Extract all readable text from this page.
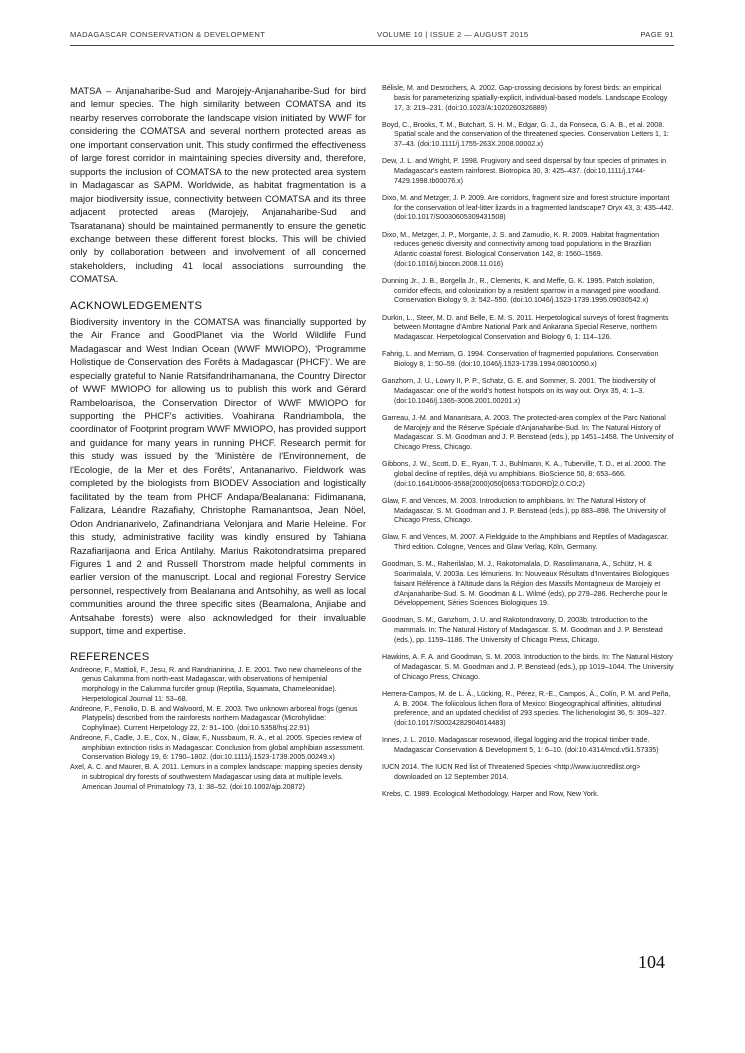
MADAGASCAR CONSERVATION & DEVELOPMENT	VOLUME 10 | ISSUE 2 — AUGUST 2015	PAGE 91

MATSA – Anjanaharibe-Sud and Marojejy-Anjanaharibe-Sud for bird and lemur species. The high similarity between COMATSA and its nearby reserves corroborate the landscape vision initiated by WWF for considering the COMATSA and several northern protected areas as one important conservation unit. This study confirmed the effectiveness of large forest corridor in maintaining species diversity and, therefore, supports the inclusion of COMATSA to the new protected area system in Madagascar as SAPM. Worldwide, as habitat fragmentation is a major biodiversity issue, connectivity between COMATSA and its three adjacent protected areas (Marojejy, Anjanaharibe-Sud and Tsaratanana) should be maintained permanently to ensure the genetic exchange between these different forest blocks. This will be chivied only by collaboration between and involvement of all concerned stakeholders, including 41 local associations surrounding the COMATSA.

ACKNOWLEDGEMENTS

Biodiversity inventory in the COMATSA was financially supported by the Air France and GoodPlanet via the World Wildlife Fund Madagascar and West Indian Ocean (WWF MWIOPO), 'Programme Holistique de Conservation des Forêts à Madagascar (PHCF)'. We are especially grateful to Nanie Ratsifandrihamanana, the Country Director of WWF MWIOPO for allowing us to publish this work and Gérard Rambeloarisoa, the Conservation Director of WWF MWIOPO for supporting the PHCF's activities. Voahirana Randriambola, the coordinator of Footprint program WWF MWIOPO, has provided support and guidance for many years in running PHCF. Research permit for this study was issued by the 'Ministère de l'Environnement, de l'Ecologie, de la Mer et des Forêts', Antananarivo. Fieldwork was completed by the biologists from BIODEV Association and logistically facilitated by the team from PHCF Andapa/Bealanana: Fidimanana, Falizara, Léandre Razafiahy, Christophe Ramanantsoa, Jean Nöel, Odon Andrianarivelo, Zafinandriana Velonjara and Marie Heleine. For this study, administrative facility was kindly ensured by Tahiana Razafiarijaona and Erica Antilahy. Marius Rakotondratsima prepared Figures 1 and 2 and Russell Thorstrom made helpful comments in earlier version of the manuscript. Local and regional Forestry Service personnel, respectively from Bealanana and Antsohihy, as well as local communities around the three specific sites (Beamalona, Anjiabe and Antsahabe forests) were also acknowledged for their invaluable support, time and expertise.

REFERENCES

Andreone, F., Mattioli, F., Jesu, R. and Randrianirina, J. E. 2001. Two new chameleons of the genus Calumma from north-east Madagascar, with observations of hemipenial morphology in the Calumma furcifer group (Reptilia, Squamata, Chameleonidae). Herpetological Journal 11: 53–68.

Andreone, F., Fenolio, D. B. and Walvoord, M. E. 2003. Two unknown arboreal frogs (genus Platypelis) described from the rainforests northern Madagascar (Microhylidae: Cophylinae). Current Herpetology 22, 2: 91–100. (doi:10.5358/hsj.22.91)

Andreone, F., Cadle, J. E., Cox, N., Glaw, F., Nussbaum, R. A., et al. 2005. Species review of amphibian extinction risks in Madagascar: Conclusion from global amphibian assessment. Conservation Biology 19, 6: 1790–1802. (doi:10.1111/j.1523-1739.2005.00249.x)

Axel, A. C. and Maurer, B. A. 2011. Lemurs in a complex landscape: mapping species density in subtropical dry forests of southwestern Madagascar using data at multiple levels. American Journal of Primatology 73, 1: 38–52. (doi:10.1002/ajp.20872)

Bélisle, M. and Desrochers, A. 2002. Gap-crossing decisions by forest birds: an empirical basis for parameterizing spatially-explicit, individual-based models. Landscape Ecology 17, 3: 219–231. (doi:10.1023/A:1020260326889)

Boyd, C., Brooks, T. M., Butchart, S. H. M., Edgar, G. J., da Fonseca, G. A. B., et al. 2008. Spatial scale and the conservation of the threatened species. Conservation Letters 1, 1: 37–43. (doi:10.1111/j.1755-263X.2008.00002.x)

Dew, J. L. and Wright, P. 1998. Frugivory and seed dispersal by four species of primates in Madagascar's eastern rainforest. Biotropica 30, 3: 425–437. (doi:10.1111/j.1744-7429.1998.tb00076.x)

Dixo, M. and Metzger, J. P. 2009. Are corridors, fragment size and forest structure important for the conservation of leaf-litter lizards in a fragmented landscape? Oryx 43, 3: 435–442. (doi:10.1017/S0030605309431508)

Dixo, M., Metzger, J. P., Morgante, J. S. and Zamudio, K. R. 2009. Habitat fragmentation reduces genetic diversity and connectivity among toad populations in the Brazilian Atlantic coastal forest. Biological Conservation 142, 8: 1560–1569. (doi:10.1016/j.biocon.2008.11.016)

Dunning Jr., J. B., Borgella Jr., R., Clements, K. and Meffe, G. K. 1995. Patch isolation, corridor effects, and colonization by a resident sparrow in a managed pine woodland. Conservation Biology 9, 3: 542–550. (doi:10.1046/j.1523-1739.1995.09030542.x)

Durkin, L., Steer, M. D. and Belle, E. M. S. 2011. Herpetological surveys of forest fragments between Montagne d'Ambre National Park and Ankarana Special Reserve, northern Madagascar. Herpetological Conservation and Biology 6, 1: 114–126.

Fahrig, L. and Merriam, G. 1994. Conservation of fragmented populations. Conservation Biology 8, 1: 50–59. (doi:10.1046/j.1523-1739.1994.08010050.x)

Ganzhorn, J. U., Lowry II, P. P., Schatz, G. E. and Sommer, S. 2001. The biodiversity of Madagascar: one of the world's hottest hotspots on its way out. Oryx 35, 4: 1–3. (doi:10.1046/j.1365-3008.2001.00201.x)

Garreau, J.-M. and Manantsara, A. 2003. The protected-area complex of the Parc National de Marojejy and the Réserve Spéciale d'Anjanaharibe-Sud. In: The Natural History of Madagascar. S. M. Goodman and J. P. Benstead (eds.), pp 1451–1458. The University of Chicago Press, Chicago.

Gibbons, J. W., Scott, D. E., Ryan, T. J., Buhlmann, K. A., Tuberville, T. D., et al. 2000. The global decline of reptiles, déjà vu amphibians. BioScience 50, 8: 653–666. (doi:10.1641/0006-3568(2000)050[0653:TGDORD]2.0.CO;2)

Glaw, F. and Vences, M. 2003. Introduction to amphibians. In: The Natural History of Madagascar. S. M. Goodman and J. P. Benstead (eds.), pp 883–898. The University of Chicago Press, Chicago.

Glaw, F. and Vences, M. 2007. A Fieldguide to the Amphibians and Reptiles of Madagascar. Third edition. Cologne, Vences and Glaw Verlag, Köln, Germany.

Goodman, S. M., Raherilalao, M. J., Rakotomalala, D. Rasolimanana, A., Schütz, H. & Soarimalala, V. 2003a. Les lémuriens. In: Nouveaux Résultats d'Inventaires Biologiques faisant Référence à l'Altitude dans la Région des Massifs Montagneux de Marojejy et d'Anjanaharibe-Sud. S. M. Goodman & L. Wilmé (eds), pp 279–286. Recherche pour le Développement, Séries Sciences Biologiques 19.

Goodman, S. M., Ganzhorn, J. U. and Rakotondravony, D. 2003b. Introduction to the mammals. In: The Natural History of Madagascar. S. M. Goodman and J. P. Benstead (eds.), pp. 1159–1186. The University of Chicago Press, Chicago.

Hawkins, A. F. A. and Goodman, S. M. 2003. Introduction to the birds. In: The Natural History of Madagascar. S. M. Goodman and J. P. Benstead (eds.), pp 1019–1044. The University of Chicago Press, Chicago.

Herrera-Campos, M. de L. Á., Lücking, R., Pérez, R.-E., Campos, Á., Colín, P. M. and Peña, A. B. 2004. The foliicolous lichen flora of Mexico: Biogeographical affinities, altitudinal preference, and an updated checklist of 293 species. The lichenologist 36, 5: 309–327. (doi:10.1017/S0024282904014483)

Innes, J. L. 2010. Madagascar rosewood, illegal logging and the tropical timber trade. Madagascar Conservation & Development 5, 1: 6–10. (doi:10.4314/mcd.v5i1.57335)

IUCN 2014. The IUCN Red list of Threatened Species <http://www.iucnredlist.org> downloaded on 12 September 2014.

Krebs, C. 1989. Ecological Methodology. Harper and Row, New York.

104
